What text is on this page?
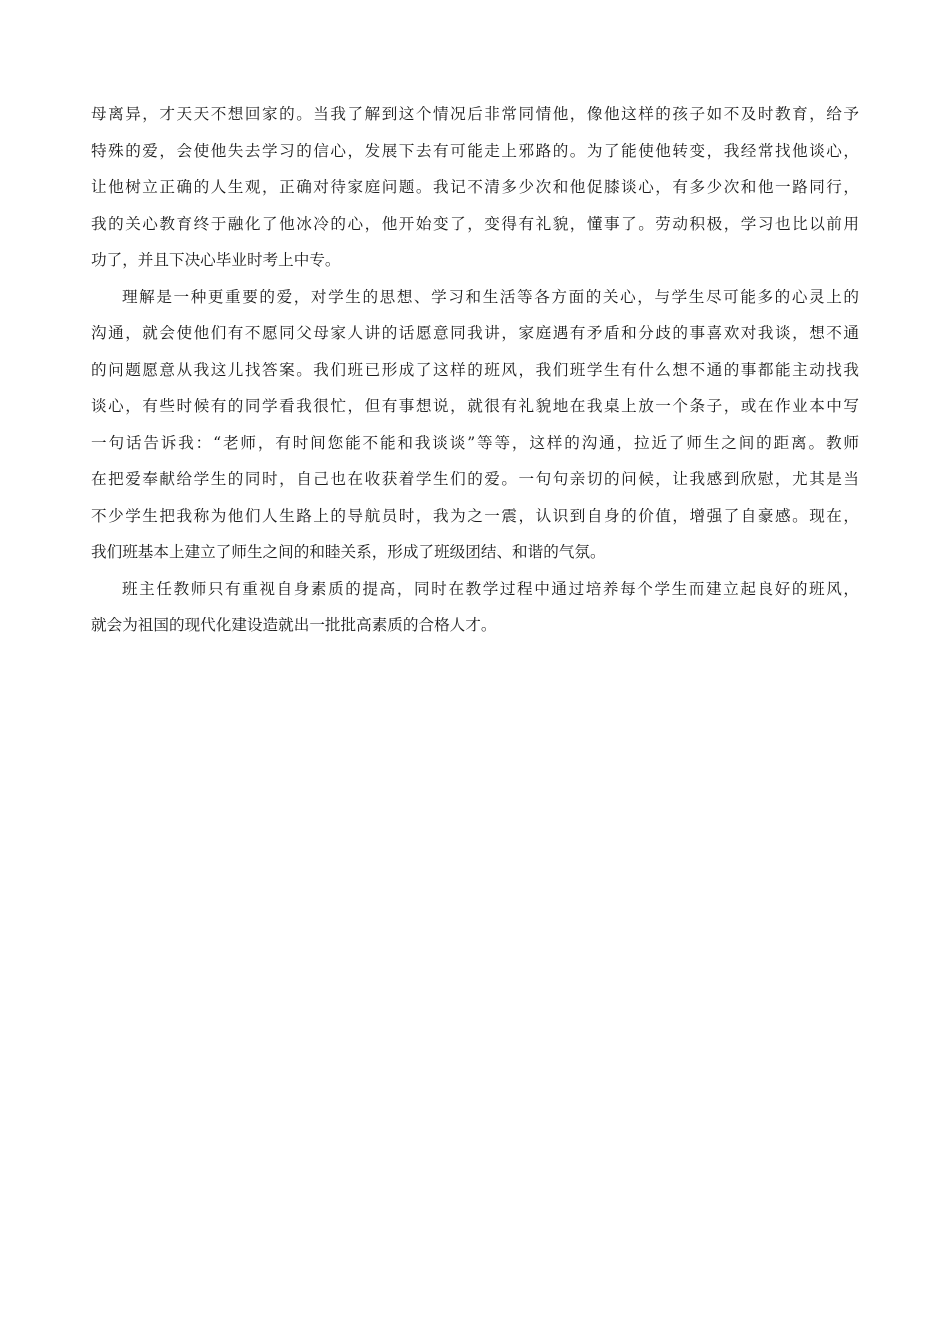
母离异，才天天不想回家的。当我了解到这个情况后非常同情他，像他这样的孩子如不及时教育，给予
特殊的爱，会使他失去学习的信心，发展下去有可能走上邪路的。为了能使他转变，我经常找他谈心，
让他树立正确的人生观，正确对待家庭问题。我记不清多少次和他促膝谈心，有多少次和他一路同行，
我的关心教育终于融化了他冰冷的心，他开始变了，变得有礼貌，懂事了。劳动积极，学习也比以前用
功了，并且下决心毕业时考上中专。
理解是一种更重要的爱，对学生的思想、学习和生活等各方面的关心，与学生尽可能多的心灵上的
沟通，就会使他们有不愿同父母家人讲的话愿意同我讲，家庭遇有矛盾和分歧的事喜欢对我谈，想不通
的问题愿意从我这儿找答案。我们班已形成了这样的班风，我们班学生有什么想不通的事都能主动找我
谈心，有些时候有的同学看我很忙，但有事想说，就很有礼貌地在我桌上放一个条子，或在作业本中写
一句话告诉我：“老师，有时间您能不能和我谈谈”等等，这样的沟通，拉近了师生之间的距离。教师
在把爱奉献给学生的同时，自己也在收获着学生们的爱。一句句亲切的问候，让我感到欣慰，尤其是当
不少学生把我称为他们人生路上的导航员时，我为之一震，认识到自身的价值，增强了自豪感。现在，
我们班基本上建立了师生之间的和睦关系，形成了班级团结、和谐的气氛。
班主任教师只有重视自身素质的提高，同时在教学过程中通过培养每个学生而建立起良好的班风，
就会为祖国的现代化建设造就出一批批高素质的合格人才。
